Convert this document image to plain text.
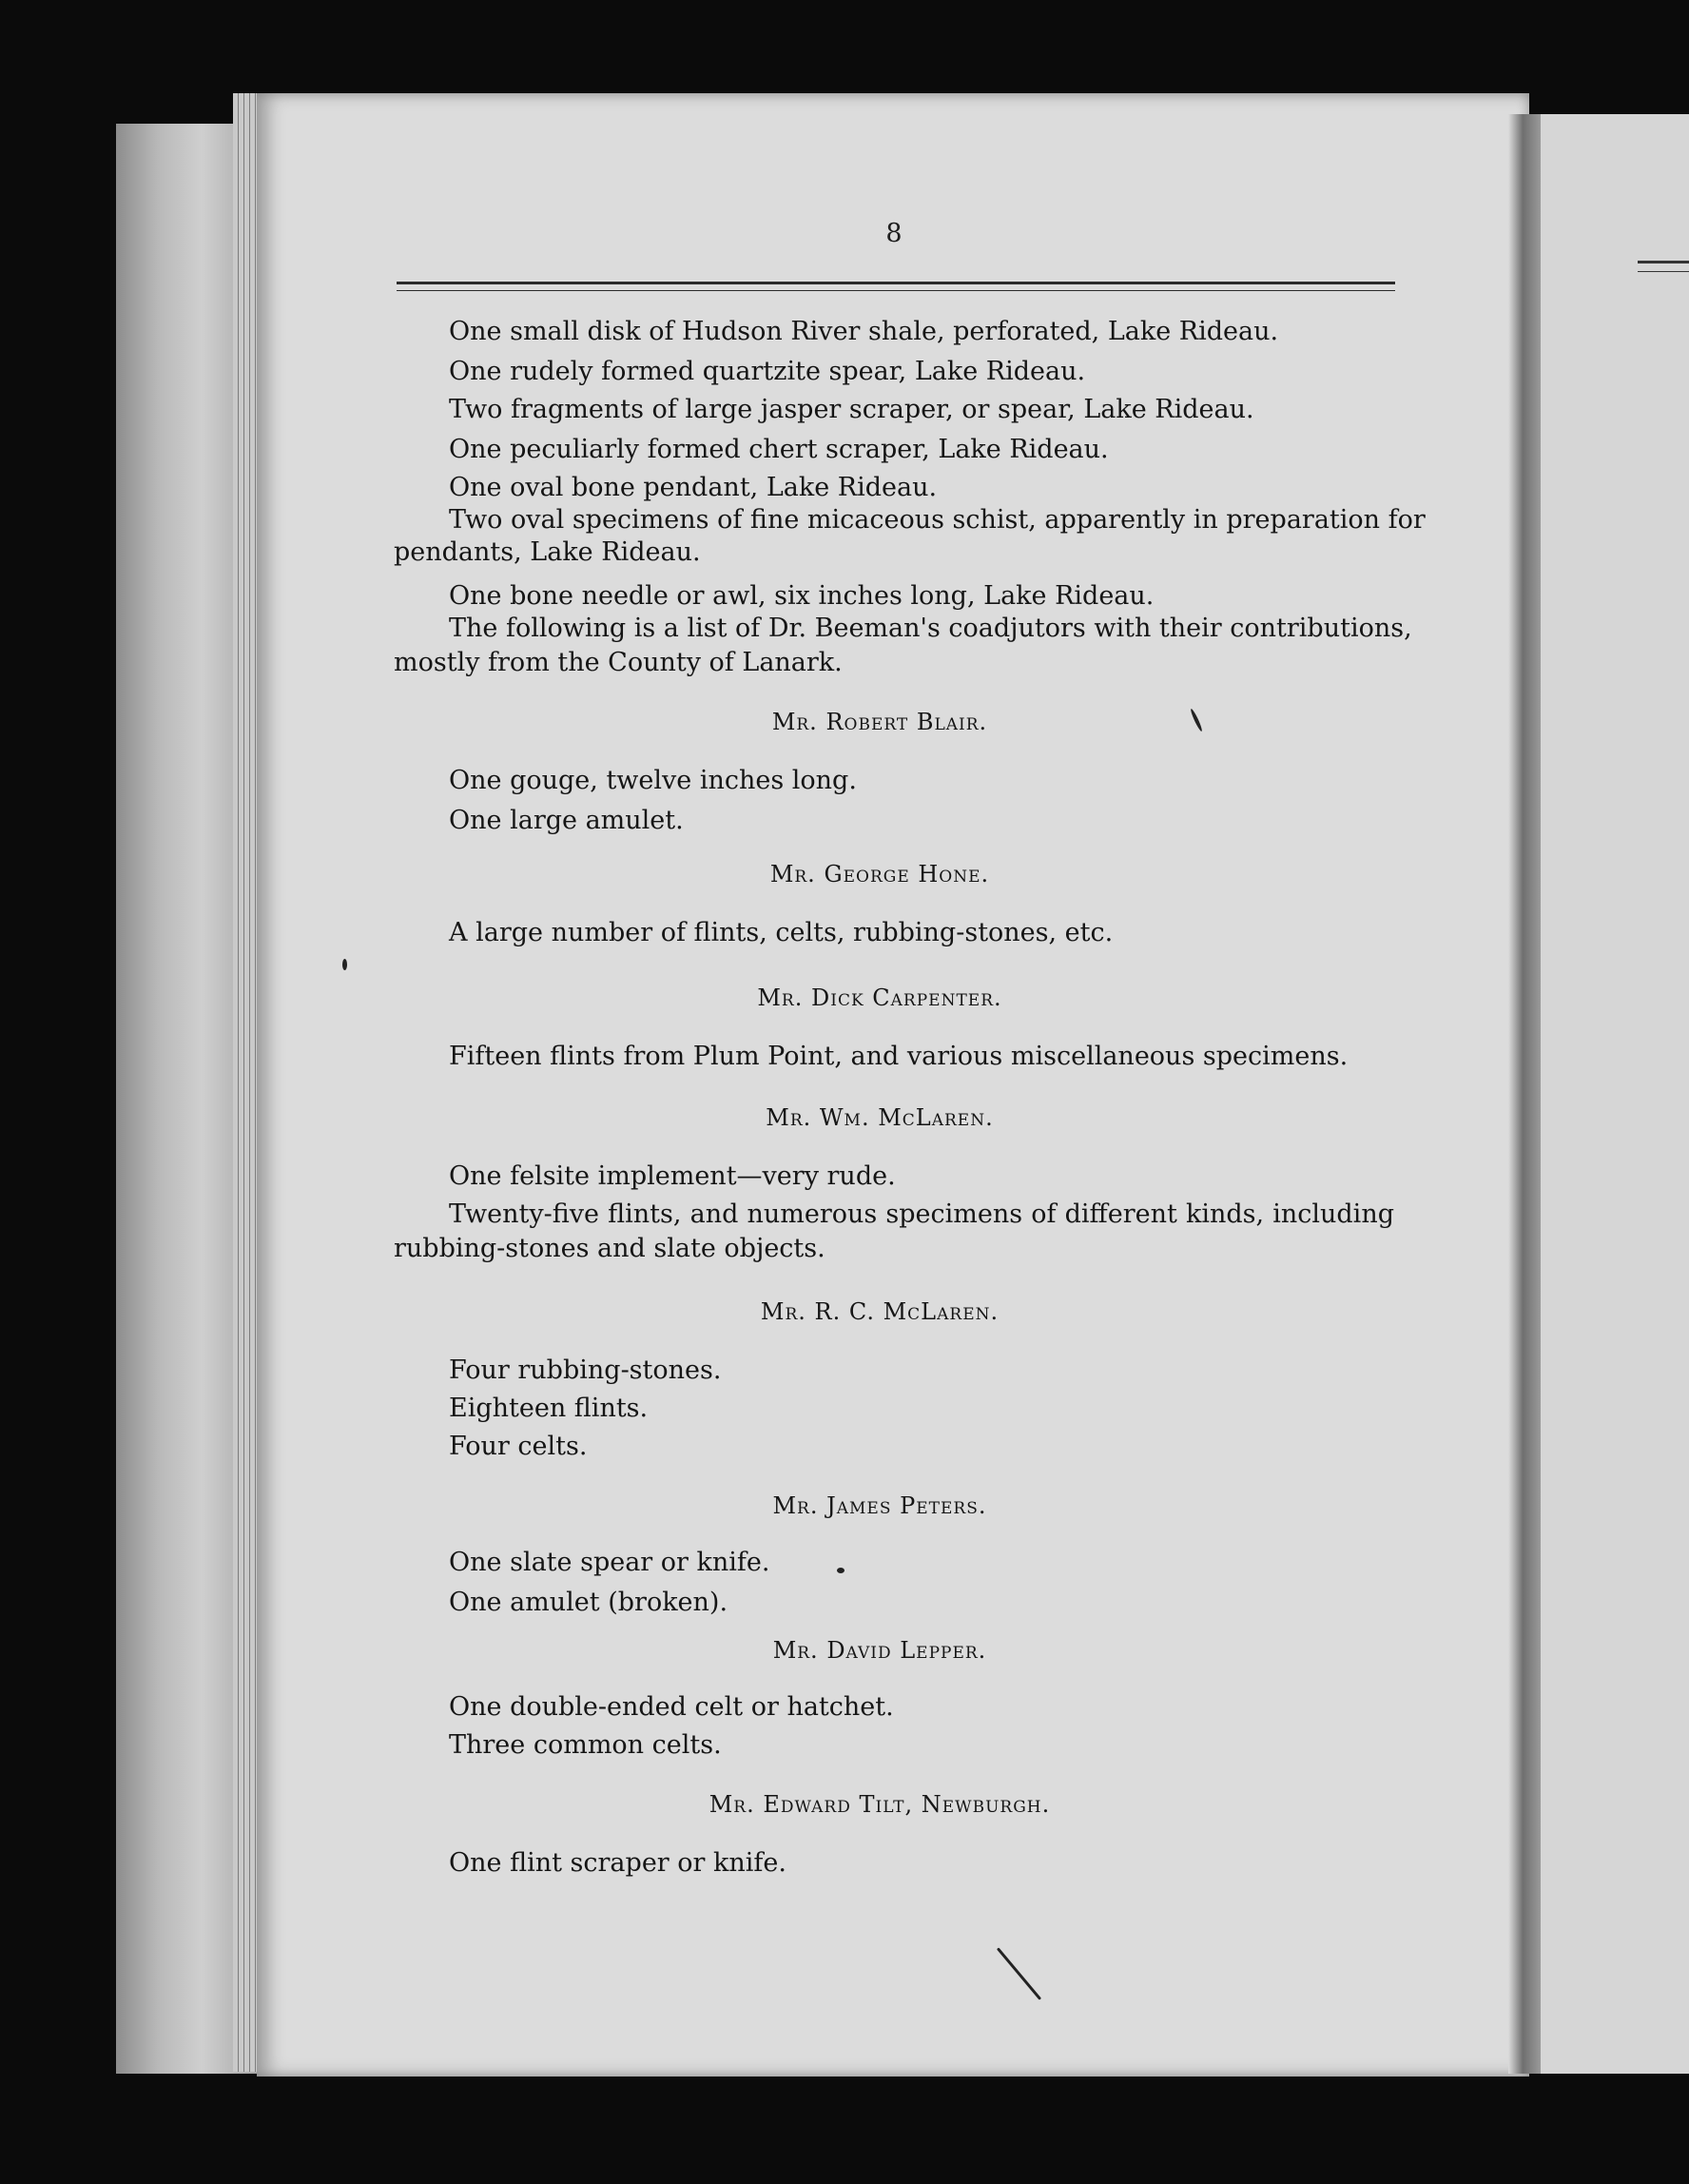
8
One small disk of Hudson River shale, perforated, Lake Rideau.
One rudely formed quartzite spear, Lake Rideau.
Two fragments of large jasper scraper, or spear, Lake Rideau.
One peculiarly formed chert scraper, Lake Rideau.
One oval bone pendant, Lake Rideau.
Two oval specimens of fine micaceous schist, apparently in preparation for
pendants, Lake Rideau.
One bone needle or awl, six inches long, Lake Rideau.
The following is a list of Dr. Beeman's coadjutors with their contributions,
mostly from the County of Lanark.
Mr. Robert Blair.
One gouge, twelve inches long.
One large amulet.
Mr. George Hone.
A large number of flints, celts, rubbing-stones, etc.
Mr. Dick Carpenter.
Fifteen flints from Plum Point, and various miscellaneous specimens.
Mr. Wm. McLaren.
One felsite implement—very rude.
Twenty-five flints, and numerous specimens of different kinds, including
rubbing-stones and slate objects.
Mr. R. C. McLaren.
Four rubbing-stones.
Eighteen flints.
Four celts.
Mr. James Peters.
One slate spear or knife.
One amulet (broken).
Mr. David Lepper.
One double-ended celt or hatchet.
Three common celts.
Mr. Edward Tilt, Newburgh.
One flint scraper or knife.
